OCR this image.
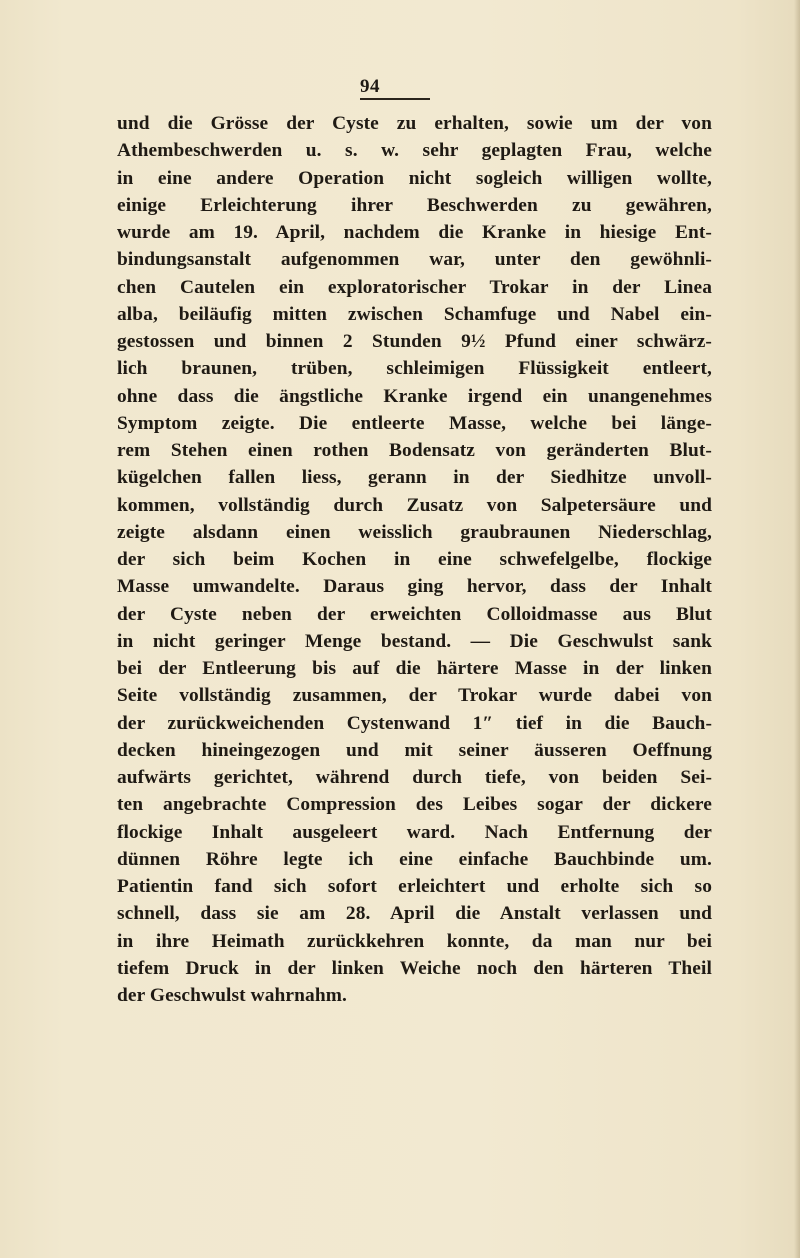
94
und die Grösse der Cyste zu erhalten, sowie um der von
Athembeschwerden u. s. w. sehr geplagten Frau, welche
in eine andere Operation nicht sogleich willigen wollte,
einige Erleichterung ihrer Beschwerden zu gewähren,
wurde am 19. April, nachdem die Kranke in hiesige Ent-
bindungsanstalt aufgenommen war, unter den gewöhnli-
chen Cautelen ein exploratorischer Trokar in der Linea
alba, beiläufig mitten zwischen Schamfuge und Nabel ein-
gestossen und binnen 2 Stunden 9½ Pfund einer schwärz-
lich braunen, trüben, schleimigen Flüssigkeit entleert,
ohne dass die ängstliche Kranke irgend ein unangenehmes
Symptom zeigte. Die entleerte Masse, welche bei länge-
rem Stehen einen rothen Bodensatz von geränderten Blut-
kügelchen fallen liess, gerann in der Siedhitze unvoll-
kommen, vollständig durch Zusatz von Salpetersäure und
zeigte alsdann einen weisslich graubraunen Niederschlag,
der sich beim Kochen in eine schwefelgelbe, flockige
Masse umwandelte. Daraus ging hervor, dass der Inhalt
der Cyste neben der erweichten Colloidmasse aus Blut
in nicht geringer Menge bestand. — Die Geschwulst sank
bei der Entleerung bis auf die härtere Masse in der linken
Seite vollständig zusammen, der Trokar wurde dabei von
der zurückweichenden Cystenwand 1″ tief in die Bauch-
decken hineingezogen und mit seiner äusseren Oeffnung
aufwärts gerichtet, während durch tiefe, von beiden Sei-
ten angebrachte Compression des Leibes sogar der dickere
flockige Inhalt ausgeleert ward. Nach Entfernung der
dünnen Röhre legte ich eine einfache Bauchbinde um.
Patientin fand sich sofort erleichtert und erholte sich so
schnell, dass sie am 28. April die Anstalt verlassen und
in ihre Heimath zurückkehren konnte, da man nur bei
tiefem Druck in der linken Weiche noch den härteren Theil
der Geschwulst wahrnahm.
